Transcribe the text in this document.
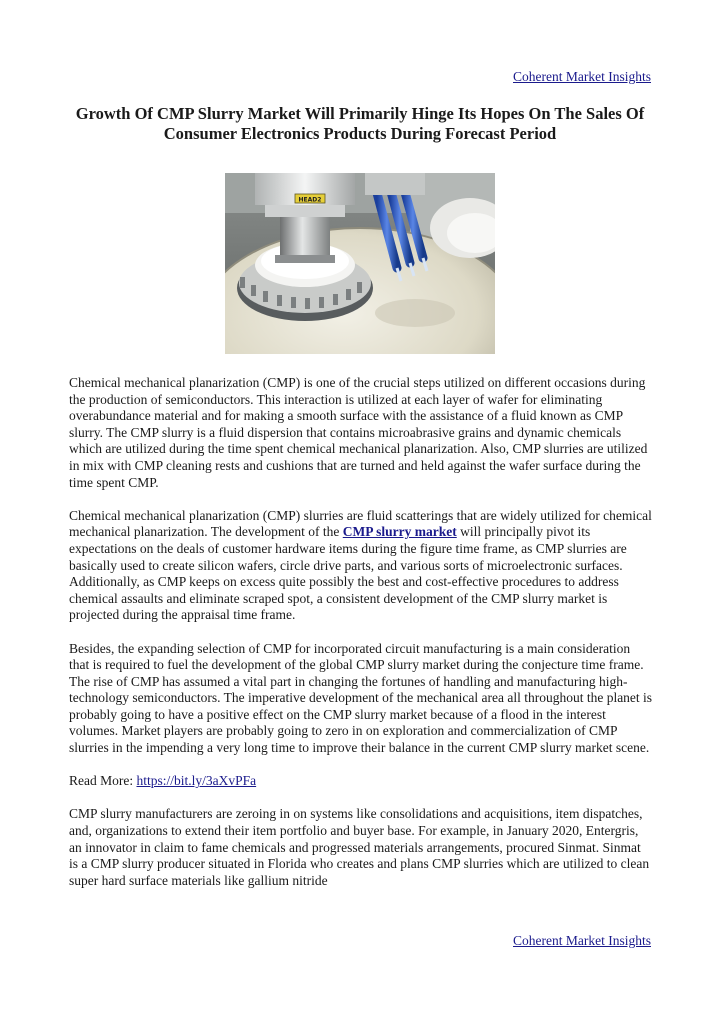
Coherent Market Insights
Growth Of CMP Slurry Market Will Primarily Hinge Its Hopes On The Sales Of Consumer Electronics Products During Forecast Period
HEAD2

Chemical mechanical planarization (CMP) is one of the crucial steps utilized on different occasions during the production of semiconductors. This interaction is utilized at each layer of wafer for eliminating overabundance material and for making a smooth surface with the assistance of a fluid known as CMP slurry. The CMP slurry is a fluid dispersion that contains microabrasive grains and dynamic chemicals which are utilized during the time spent chemical mechanical planarization. Also, CMP slurries are utilized in mix with CMP cleaning rests and cushions that are turned and held against the wafer surface during the time spent CMP.

Chemical mechanical planarization (CMP) slurries are fluid scatterings that are widely utilized for chemical mechanical planarization. The development of the CMP slurry market will principally pivot its expectations on the deals of customer hardware items during the figure time frame, as CMP slurries are basically used to create silicon wafers, circle drive parts, and various sorts of microelectronic surfaces. Additionally, as CMP keeps on excess quite possibly the best and cost-effective procedures to address chemical assaults and eliminate scraped spot, a consistent development of the CMP slurry market is projected during the appraisal time frame.

Besides, the expanding selection of CMP for incorporated circuit manufacturing is a main consideration that is required to fuel the development of the global CMP slurry market during the conjecture time frame. The rise of CMP has assumed a vital part in changing the fortunes of handling and manufacturing high-technology semiconductors. The imperative development of the mechanical area all throughout the planet is probably going to have a positive effect on the CMP slurry market because of a flood in the interest volumes. Market players are probably going to zero in on exploration and commercialization of CMP slurries in the impending a very long time to improve their balance in the current CMP slurry market scene.

Read More: https://bit.ly/3aXvPFa

CMP slurry manufacturers are zeroing in on systems like consolidations and acquisitions, item dispatches, and, organizations to extend their item portfolio and buyer base. For example, in January 2020, Entergris, an innovator in claim to fame chemicals and progressed materials arrangements, procured Sinmat. Sinmat is a CMP slurry producer situated in Florida who creates and plans CMP slurries which are utilized to clean super hard surface materials like gallium nitride

Coherent Market Insights
